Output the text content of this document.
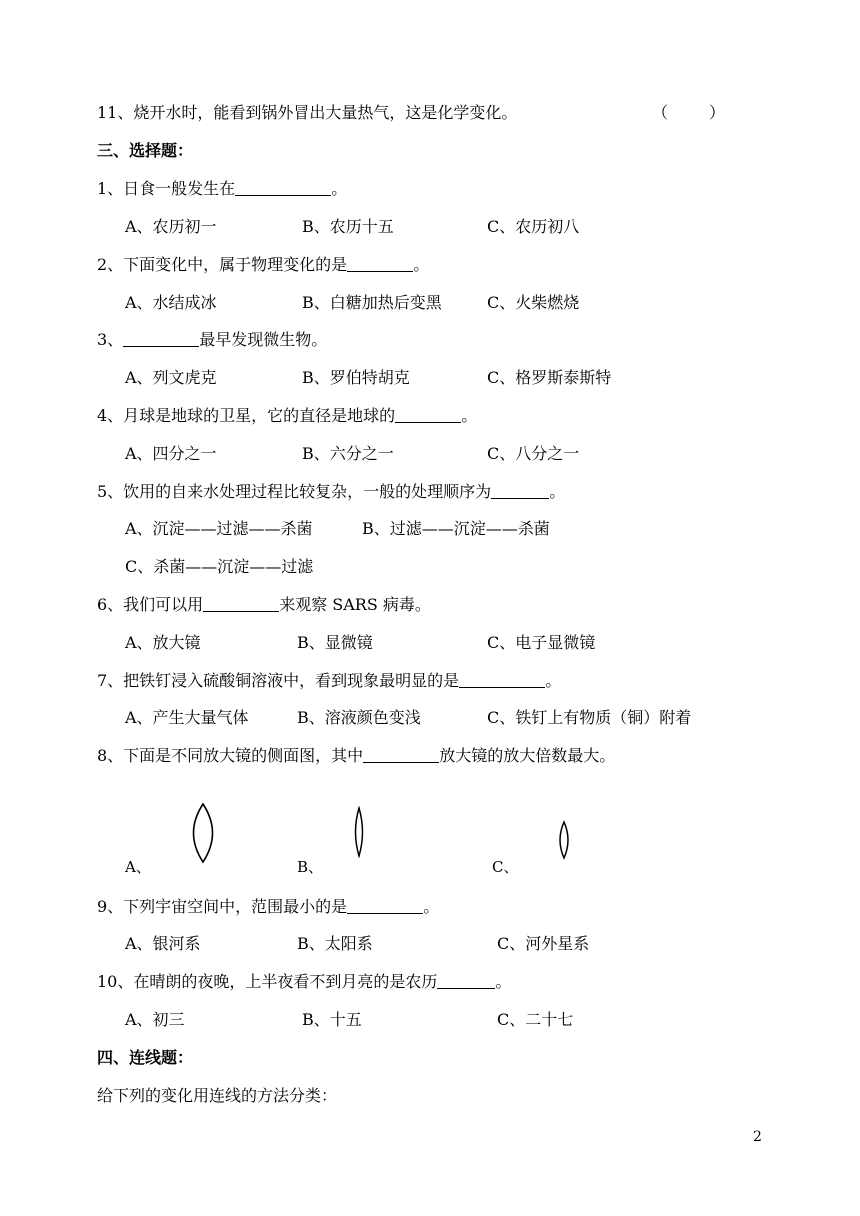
11、烧开水时，能看到锅外冒出大量热气，这是化学变化。	（	）
三、选择题：
1、日食一般发生在	。
A、农历初一	B、农历十五	C、农历初八
2、下面变化中，属于物理变化的是	。
A、水结成冰	B、白糖加热后变黑	C、火柴燃烧
3、	最早发现微生物。
A、列文虎克	B、罗伯特胡克	C、格罗斯泰斯特
4、月球是地球的卫星，它的直径是地球的	。
A、四分之一	B、六分之一	C、八分之一
5、饮用的自来水处理过程比较复杂，一般的处理顺序为	。
A、沉淀——过滤——杀菌	B、过滤——沉淀——杀菌
C、杀菌——沉淀——过滤
6、我们可以用	来观察 SARS 病毒。
A、放大镜	B、显微镜	C、电子显微镜
7、把铁钉浸入硫酸铜溶液中，看到现象最明显的是	。
A、产生大量气体	B、溶液颜色变浅	C、铁钉上有物质（铜）附着
8、下面是不同放大镜的侧面图，其中	放大镜的放大倍数最大。
A、	B、	C、
9、下列宇宙空间中，范围最小的是	。
A、银河系	B、太阳系	C、河外星系
10、在晴朗的夜晚，上半夜看不到月亮的是农历	。
A、初三	B、十五	C、二十七
四、连线题：
给下列的变化用连线的方法分类：
2
